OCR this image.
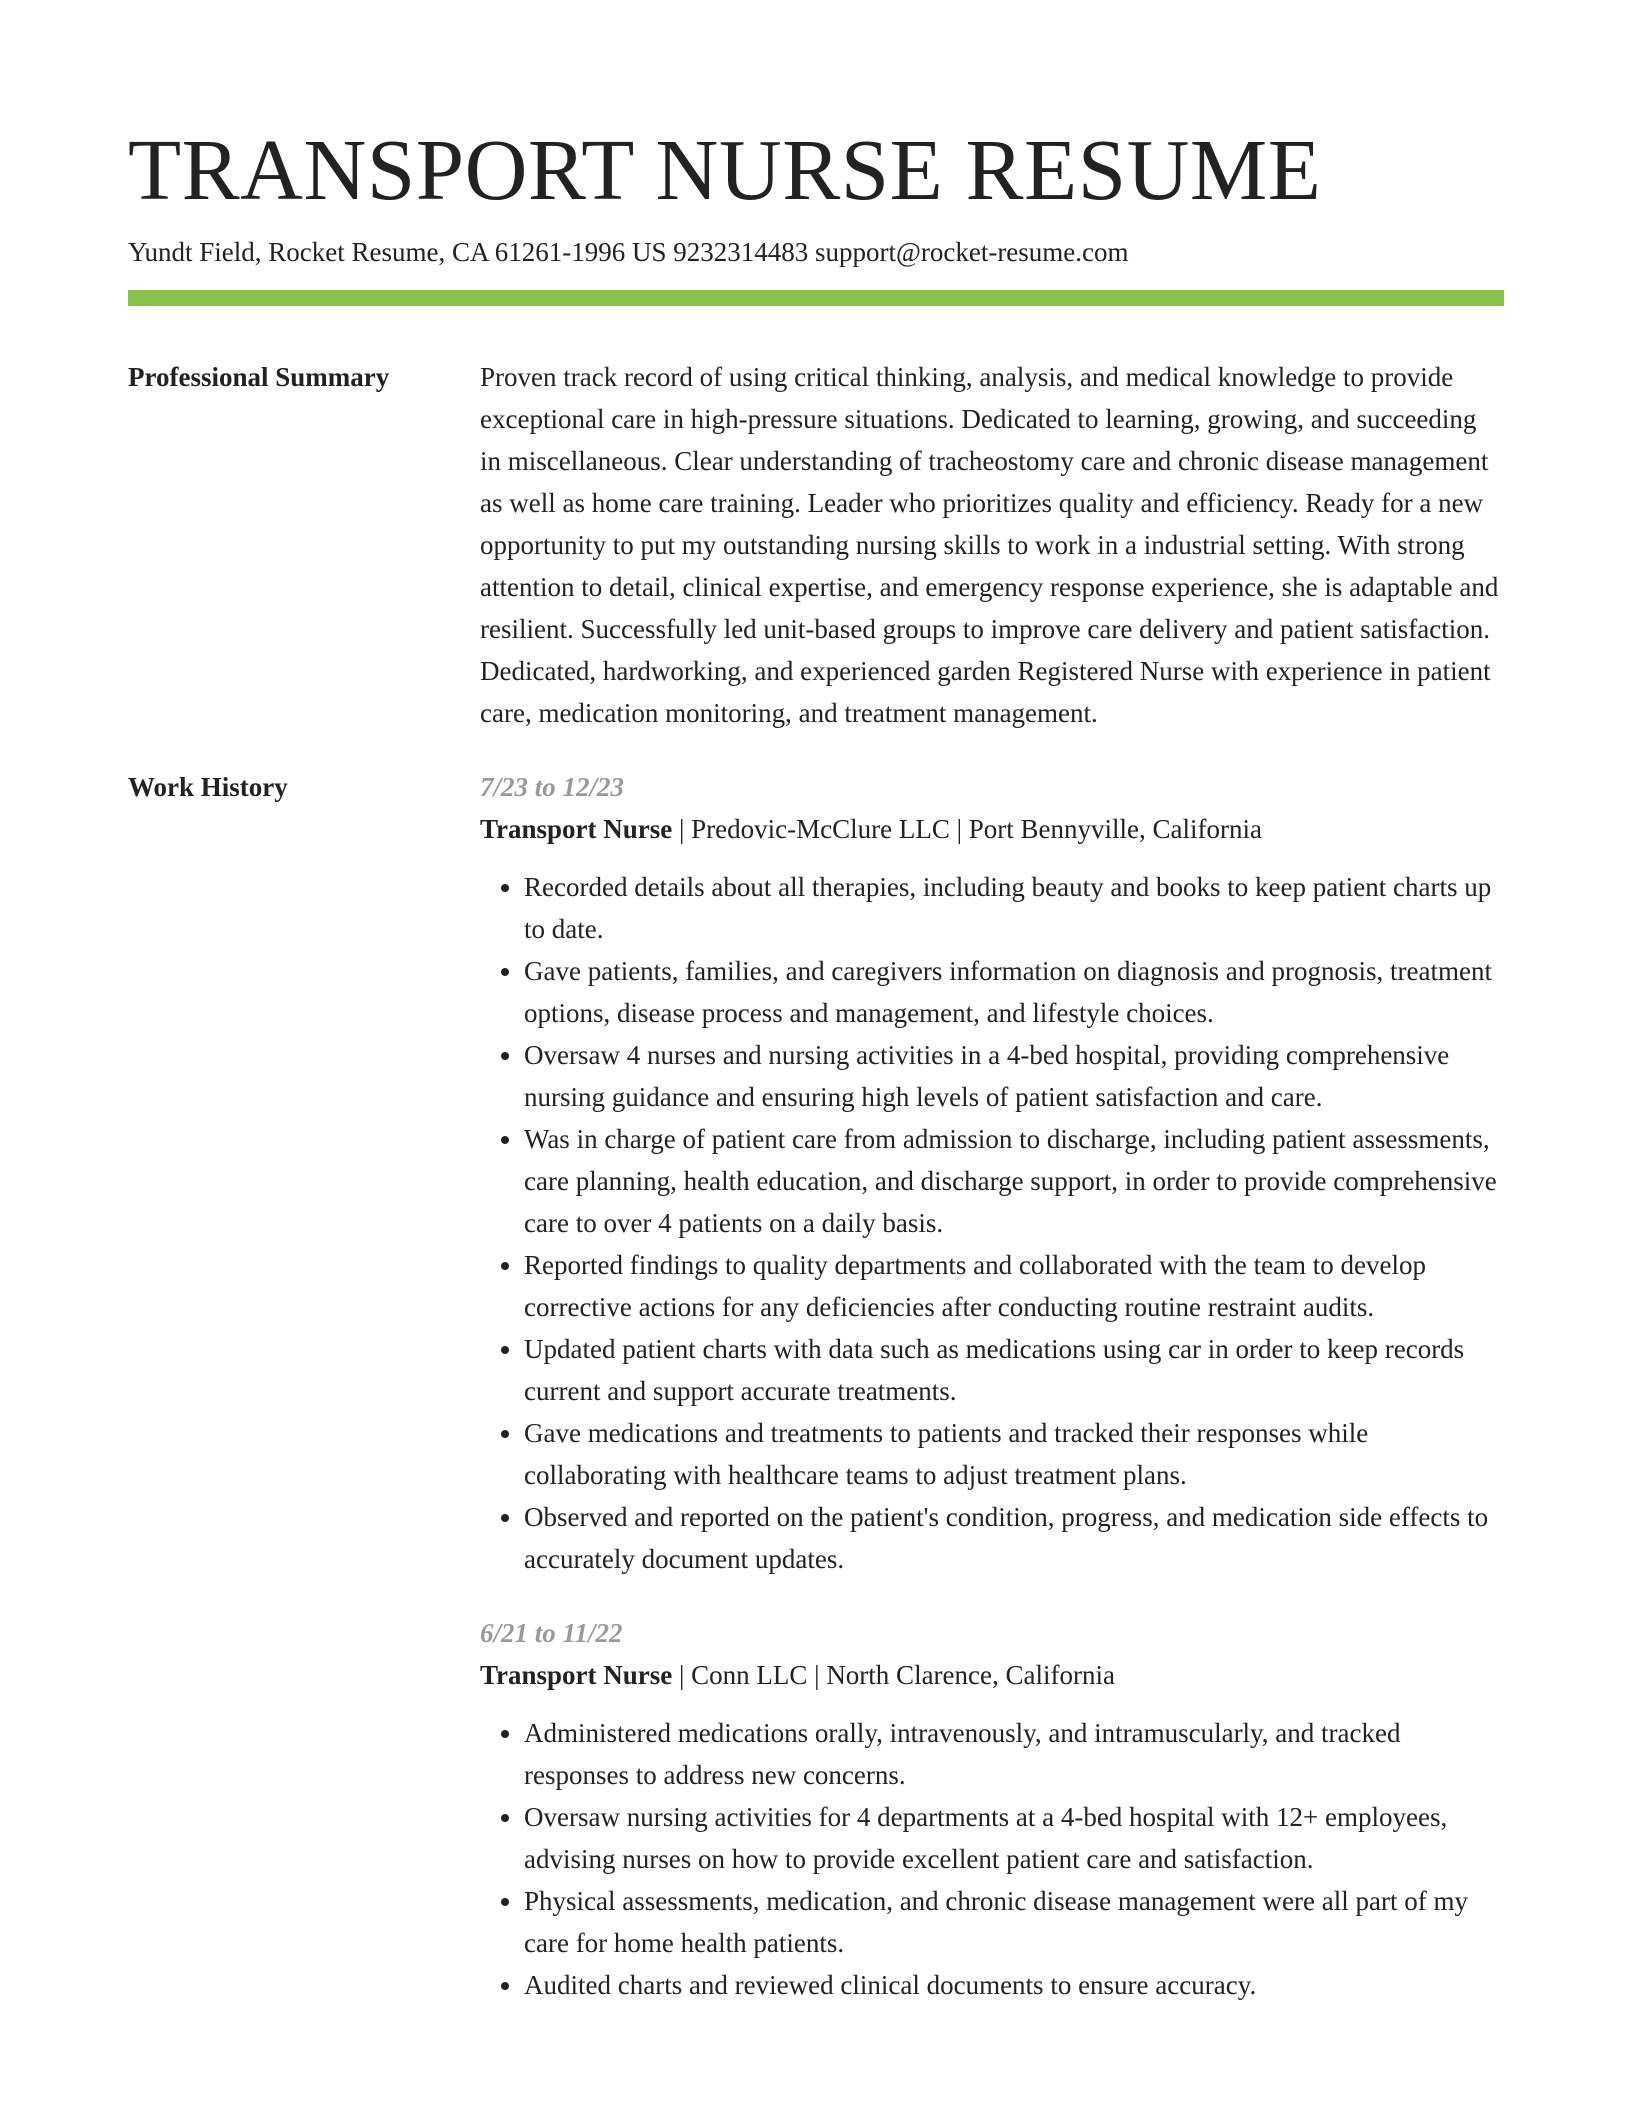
TRANSPORT NURSE RESUME
Yundt Field, Rocket Resume, CA 61261-1996 US 9232314483 support@rocket-resume.com
Professional Summary	Proven track record of using critical thinking, analysis, and medical knowledge to provide exceptional care in high-pressure situations. Dedicated to learning, growing, and succeeding in miscellaneous. Clear understanding of tracheostomy care and chronic disease management as well as home care training. Leader who prioritizes quality and efficiency. Ready for a new opportunity to put my outstanding nursing skills to work in a industrial setting. With strong attention to detail, clinical expertise, and emergency response experience, she is adaptable and resilient. Successfully led unit-based groups to improve care delivery and patient satisfaction. Dedicated, hardworking, and experienced garden Registered Nurse with experience in patient care, medication monitoring, and treatment management.
Work History	7/23 to 12/23
Transport Nurse | Predovic-McClure LLC | Port Bennyville, California
• Recorded details about all therapies, including beauty and books to keep patient charts up to date.
• Gave patients, families, and caregivers information on diagnosis and prognosis, treatment options, disease process and management, and lifestyle choices.
• Oversaw 4 nurses and nursing activities in a 4-bed hospital, providing comprehensive nursing guidance and ensuring high levels of patient satisfaction and care.
• Was in charge of patient care from admission to discharge, including patient assessments, care planning, health education, and discharge support, in order to provide comprehensive care to over 4 patients on a daily basis.
• Reported findings to quality departments and collaborated with the team to develop corrective actions for any deficiencies after conducting routine restraint audits.
• Updated patient charts with data such as medications using car in order to keep records current and support accurate treatments.
• Gave medications and treatments to patients and tracked their responses while collaborating with healthcare teams to adjust treatment plans.
• Observed and reported on the patient's condition, progress, and medication side effects to accurately document updates.
6/21 to 11/22
Transport Nurse | Conn LLC | North Clarence, California
• Administered medications orally, intravenously, and intramuscularly, and tracked responses to address new concerns.
• Oversaw nursing activities for 4 departments at a 4-bed hospital with 12+ employees, advising nurses on how to provide excellent patient care and satisfaction.
• Physical assessments, medication, and chronic disease management were all part of my care for home health patients.
• Audited charts and reviewed clinical documents to ensure accuracy.
